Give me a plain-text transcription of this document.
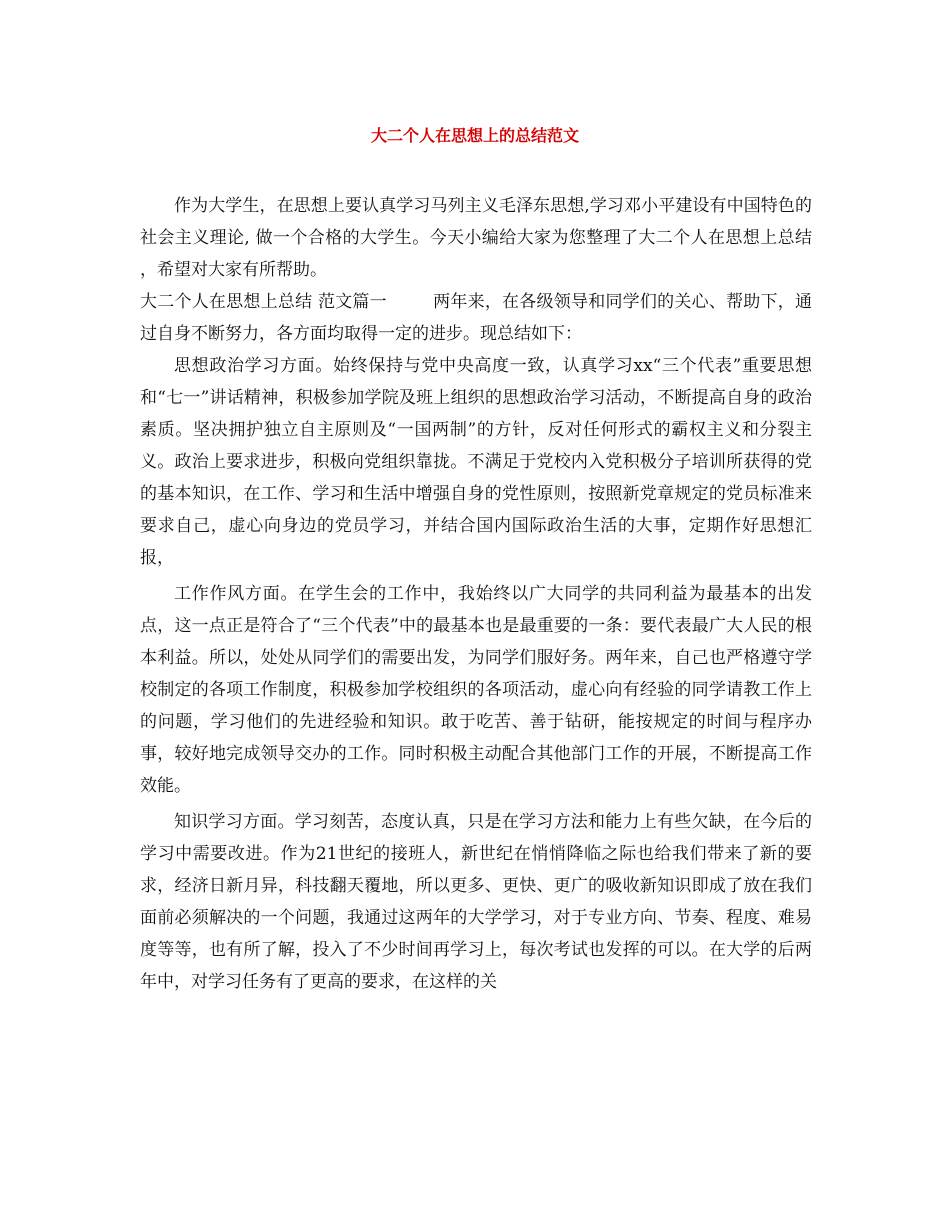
大二个人在思想上的总结范文

作为大学生，在思想上要认真学习马列主义毛泽东思想,学习邓小平建设有中国特色的社会主义理论, 做一个合格的大学生。今天小编给大家为您整理了大二个人在思想上总结 ，希望对大家有所帮助。

大二个人在思想上总结 范文篇一	两年来，在各级领导和同学们的关心、帮助下，通过自身不断努力，各方面均取得一定的进步。现总结如下：

思想政治学习方面。始终保持与党中央高度一致，认真学习xx“三个代表”重要思想和“七一”讲话精神，积极参加学院及班上组织的思想政治学习活动，不断提高自身的政治素质。坚决拥护独立自主原则及“一国两制”的方针，反对任何形式的霸权主义和分裂主义。政治上要求进步，积极向党组织靠拢。不满足于党校内入党积极分子培训所获得的党的基本知识，在工作、学习和生活中增强自身的党性原则，按照新党章规定的党员标准来要求自己，虚心向身边的党员学习，并结合国内国际政治生活的大事，定期作好思想汇报，

工作作风方面。在学生会的工作中，我始终以广大同学的共同利益为最基本的出发点，这一点正是符合了“三个代表”中的最基本也是最重要的一条：要代表最广大人民的根本利益。所以，处处从同学们的需要出发，为同学们服好务。两年来，自己也严格遵守学校制定的各项工作制度，积极参加学校组织的各项活动，虚心向有经验的同学请教工作上的问题，学习他们的先进经验和知识。敢于吃苦、善于钻研，能按规定的时间与程序办事，较好地完成领导交办的工作。同时积极主动配合其他部门工作的开展，不断提高工作效能。

知识学习方面。学习刻苦，态度认真，只是在学习方法和能力上有些欠缺，在今后的学习中需要改进。作为21世纪的接班人，新世纪在悄悄降临之际也给我们带来了新的要求，经济日新月异，科技翻天覆地，所以更多、更快、更广的吸收新知识即成了放在我们面前必须解决的一个问题，我通过这两年的大学学习，对于专业方向、节奏、程度、难易度等等，也有所了解，投入了不少时间再学习上，每次考试也发挥的可以。在大学的后两年中，对学习任务有了更高的要求，在这样的关
